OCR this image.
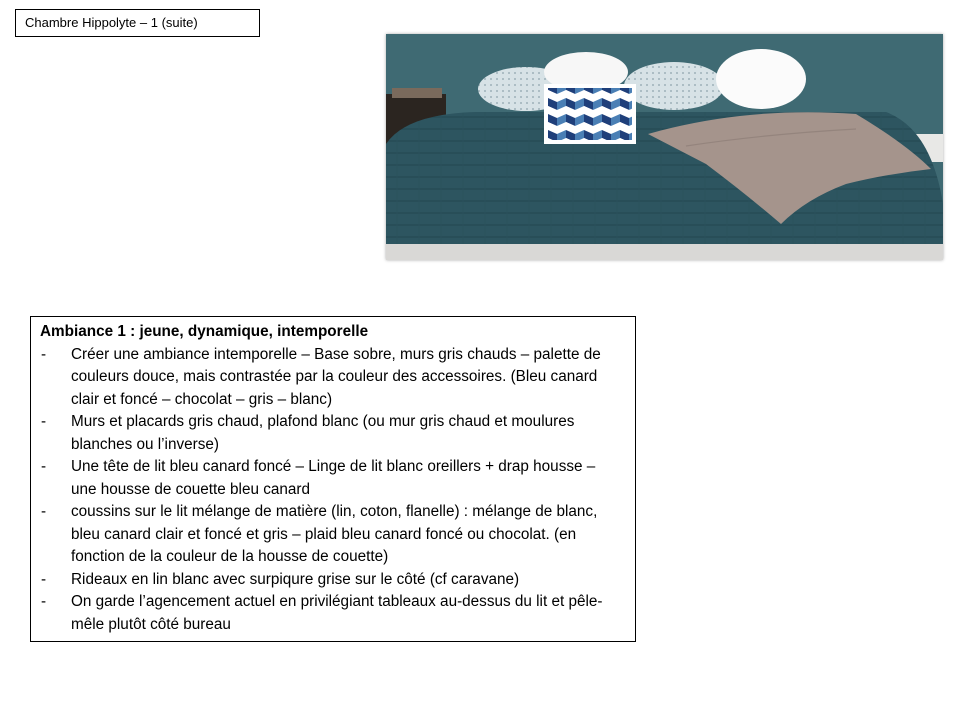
Chambre Hippolyte – 1 (suite)
Ambiance 1 : jeune, dynamique, intemporelle
- Créer une ambiance intemporelle – Base sobre, murs gris chauds – palette de couleurs douce, mais contrastée par la couleur des accessoires. (Bleu canard clair et foncé – chocolat – gris – blanc)
- Murs et placards gris chaud, plafond blanc (ou mur gris chaud et moulures blanches ou l’inverse)
- Une tête de lit bleu canard foncé – Linge de lit blanc oreillers + drap housse – une housse de couette bleu canard
- coussins sur le lit mélange de matière (lin, coton, flanelle) : mélange de blanc, bleu canard clair et foncé et gris – plaid bleu canard foncé ou chocolat. (en fonction de la couleur de la housse de couette)
- Rideaux en lin blanc avec surpiqure grise sur le côté (cf caravane)
- On garde l’agencement actuel en privilégiant tableaux au-dessus du lit et pêle-mêle plutôt côté bureau
